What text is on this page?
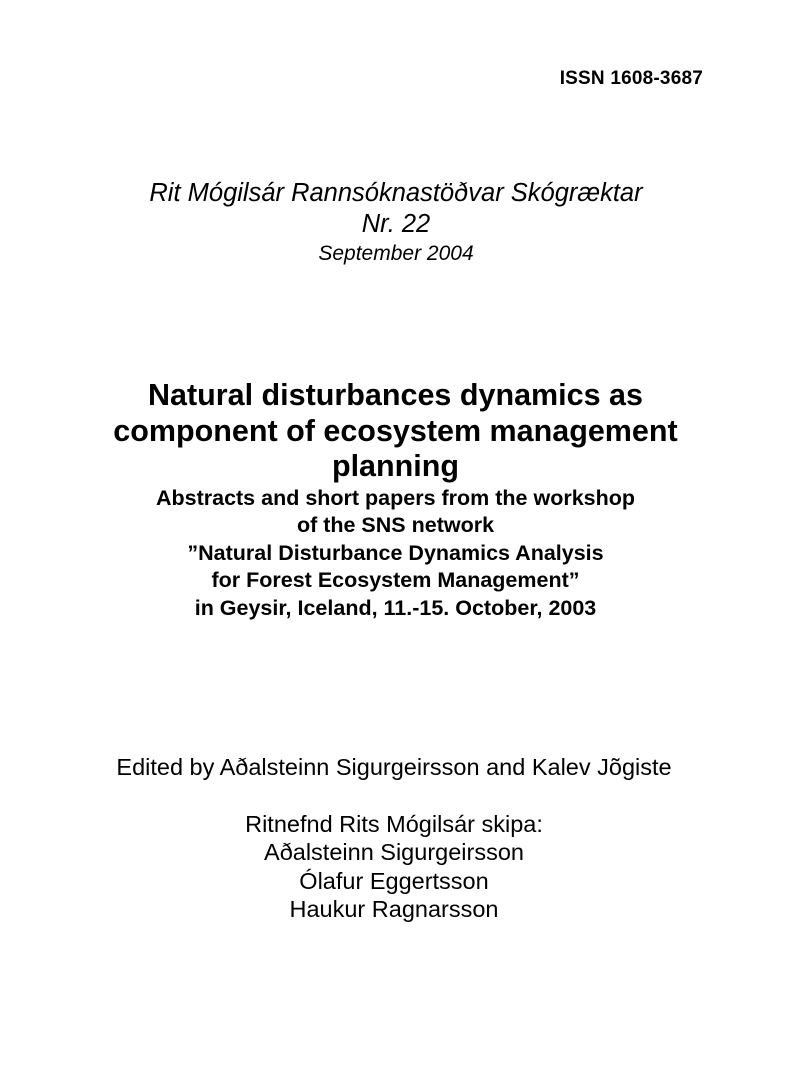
ISSN 1608-3687
Rit Mógilsár Rannsóknastöðvar Skógræktar
Nr. 22
September 2004
Natural disturbances dynamics as
component of ecosystem management
planning
Abstracts and short papers from the workshop
of the SNS network
”Natural Disturbance Dynamics Analysis
for Forest Ecosystem Management”
in Geysir, Iceland, 11.-15. October, 2003
Edited by Aðalsteinn Sigurgeirsson and Kalev Jõgiste
Ritnefnd Rits Mógilsár skipa:
Aðalsteinn Sigurgeirsson
Ólafur Eggertsson
Haukur Ragnarsson
